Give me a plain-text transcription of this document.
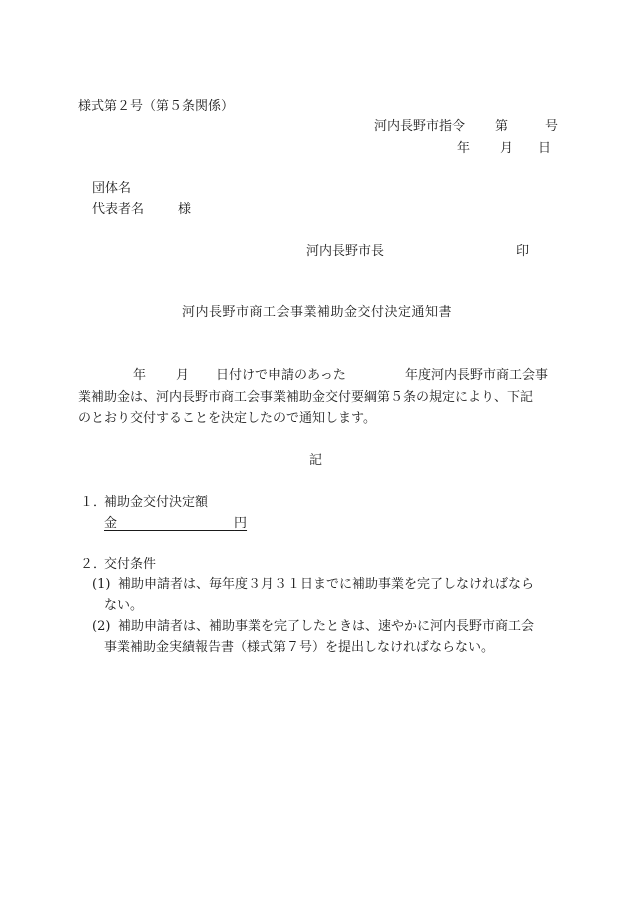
様式第２号（第５条関係）
河内長野市指令 第	号
年 月 日
団体名
代表者名	様
河内長野市長	印
河内長野市商工会事業補助金交付決定通知書
年 月 日付けで申請のあった	年度河内長野市商工会事
業補助金は、河内長野市商工会事業補助金交付要綱第５条の規定により、下記
のとおり交付することを決定したので通知します。
記
１．
補助金交付決定額
金　　　　　　　　　	円
２．
交付条件
(1) 補助申請者は、毎年度３月３１日までに補助事業を完了しなければなら
ない。
(2) 補助申請者は、補助事業を完了したときは、速やかに河内長野市商工会
事業補助金実績報告書（様式第７号）を提出しなければならない。
